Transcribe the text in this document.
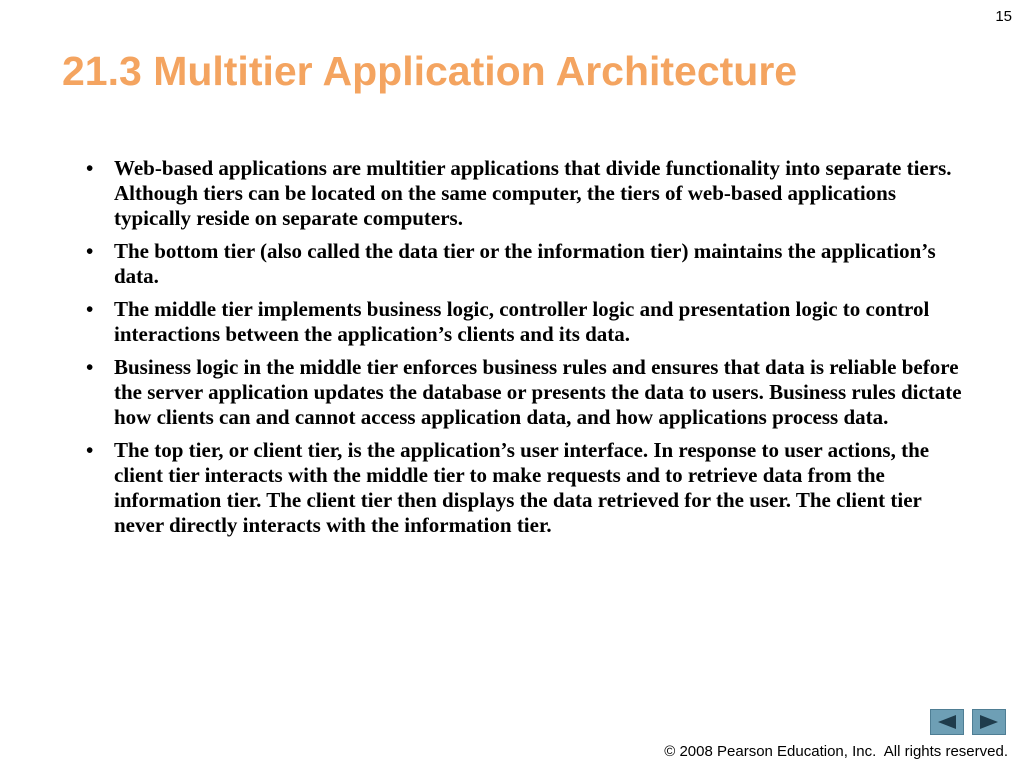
15
21.3 Multitier Application Architecture
• Web-based applications are multitier applications that divide functionality into separate tiers. Although tiers can be located on the same computer, the tiers of web-based applications typically reside on separate computers.
• The bottom tier (also called the data tier or the information tier) maintains the application’s data.
• The middle tier implements business logic, controller logic and presentation logic to control interactions between the application’s clients and its data.
• Business logic in the middle tier enforces business rules and ensures that data is reliable before the server application updates the database or presents the data to users. Business rules dictate how clients can and cannot access application data, and how applications process data.
• The top tier, or client tier, is the application’s user interface. In response to user actions, the client tier interacts with the middle tier to make requests and to retrieve data from the information tier. The client tier then displays the data retrieved for the user. The client tier never directly interacts with the information tier.
© 2008 Pearson Education, Inc.  All rights reserved.
